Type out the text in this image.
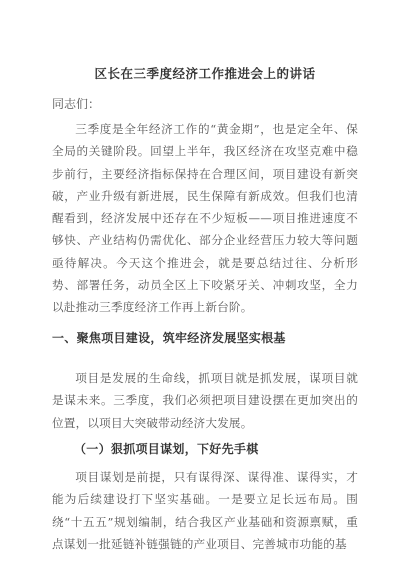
区长在三季度经济工作推进会上的讲话
同志们：

三季度是全年经济工作的“黄金期”，也是定全年、保全局的关键阶段。回望上半年，我区经济在攻坚克难中稳步前行，主要经济指标保持在合理区间，项目建设有新突破，产业升级有新进展，民生保障有新成效。但我们也清醒看到，经济发展中还存在不少短板——项目推进速度不够快、产业结构仍需优化、部分企业经营压力较大等问题亟待解决。今天这个推进会，就是要总结过往、分析形势、部署任务，动员全区上下咬紧牙关、冲刺攻坚，全力以赴推动三季度经济工作再上新台阶。

一、聚焦项目建设，筑牢经济发展坚实根基

项目是发展的生命线，抓项目就是抓发展，谋项目就是谋未来。三季度，我们必须把项目建设摆在更加突出的位置，以项目大突破带动经济大发展。

（一）狠抓项目谋划，下好先手棋

项目谋划是前提，只有谋得深、谋得准、谋得实，才能为后续建设打下坚实基础。一是要立足长远布局。围绕“十五五”规划编制，结合我区产业基础和资源禀赋，重点谋划一批延链补链强链的产业项目、完善城市功能的基
